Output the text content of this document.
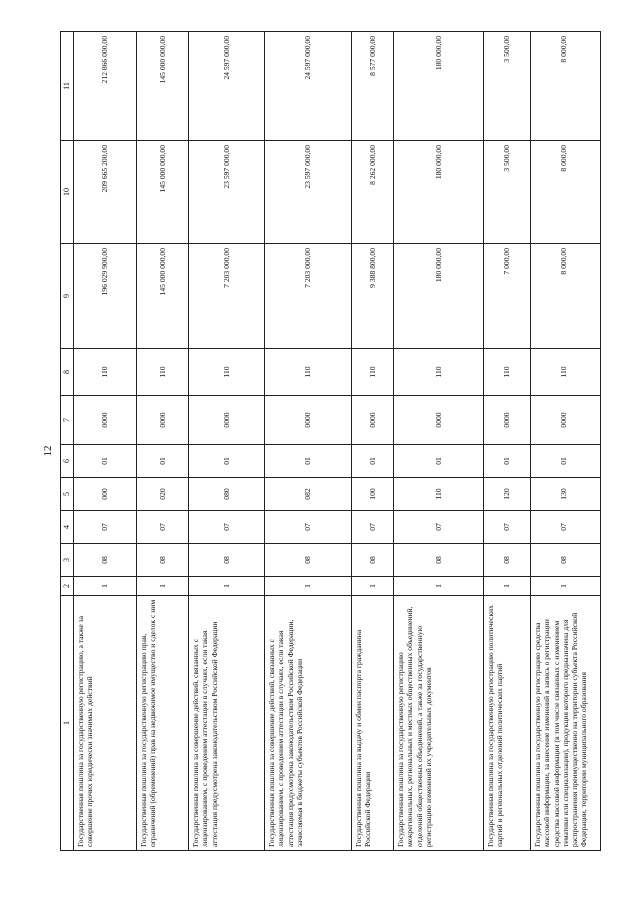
12
1	2	3	4	5	6	7	8	9	10	11
Государственная пошлина за государственную регистрацию, а также за совершение прочих юридически значимых действий	1	08	07	000	01	0000	110	196 029 900,00	209 665 200,00	212 866 000,00
Государственная пошлина за государственную регистрацию прав, ограничений (обременений) прав на недвижимое имущество и сделок с ним	1	08	07	020	01	0000	110	145 000 000,00	145 000 000,00	145 000 000,00
Государственная пошлина за совершение действий, связанных с лицензированием, с проведением аттестации в случаях, если такая аттестация предусмотрена законодательством Российской Федерации	1	08	07	080	01	0000	110	7 203 000,00	23 597 000,00	24 597 000,00
Государственная пошлина за совершение действий, связанных с лицензированием, с проведением аттестации в случаях, если такая аттестация предусмотрена законодательством Российской Федерации, зачисляемая в бюджеты субъектов Российской Федерации	1	08	07	082	01	0000	110	7 203 000,00	23 597 000,00	24 597 000,00
Государственная пошлина за выдачу и обмен паспорта гражданина Российской Федерации	1	08	07	100	01	0000	110	9 388 800,00	8 262 000,00	8 577 000,00
Государственная пошлина за государственную регистрацию межрегиональных, региональных и местных общественных объединений, отделений общественных объединений, а также за государственную регистрацию изменений их учредительных документов	1	08	07	110	01	0000	110	180 000,00	180 000,00	180 000,00
Государственная пошлина за государственную регистрацию политических партий и региональных отделений политических партий	1	08	07	120	01	0000	110	7 000,00	3 500,00	3 500,00
Государственная пошлина за государственную регистрацию средства массовой информации, за внесение изменений в запись о регистрации средства массовой информации (в том числе связанных с изменением тематики или специализации), продукция которого предназначена для распространения преимущественно на территории субъекта Российской Федерации, территории муниципального образования	1	08	07	130	01	0000	110	8 000,00	8 000,00	8 000,00
